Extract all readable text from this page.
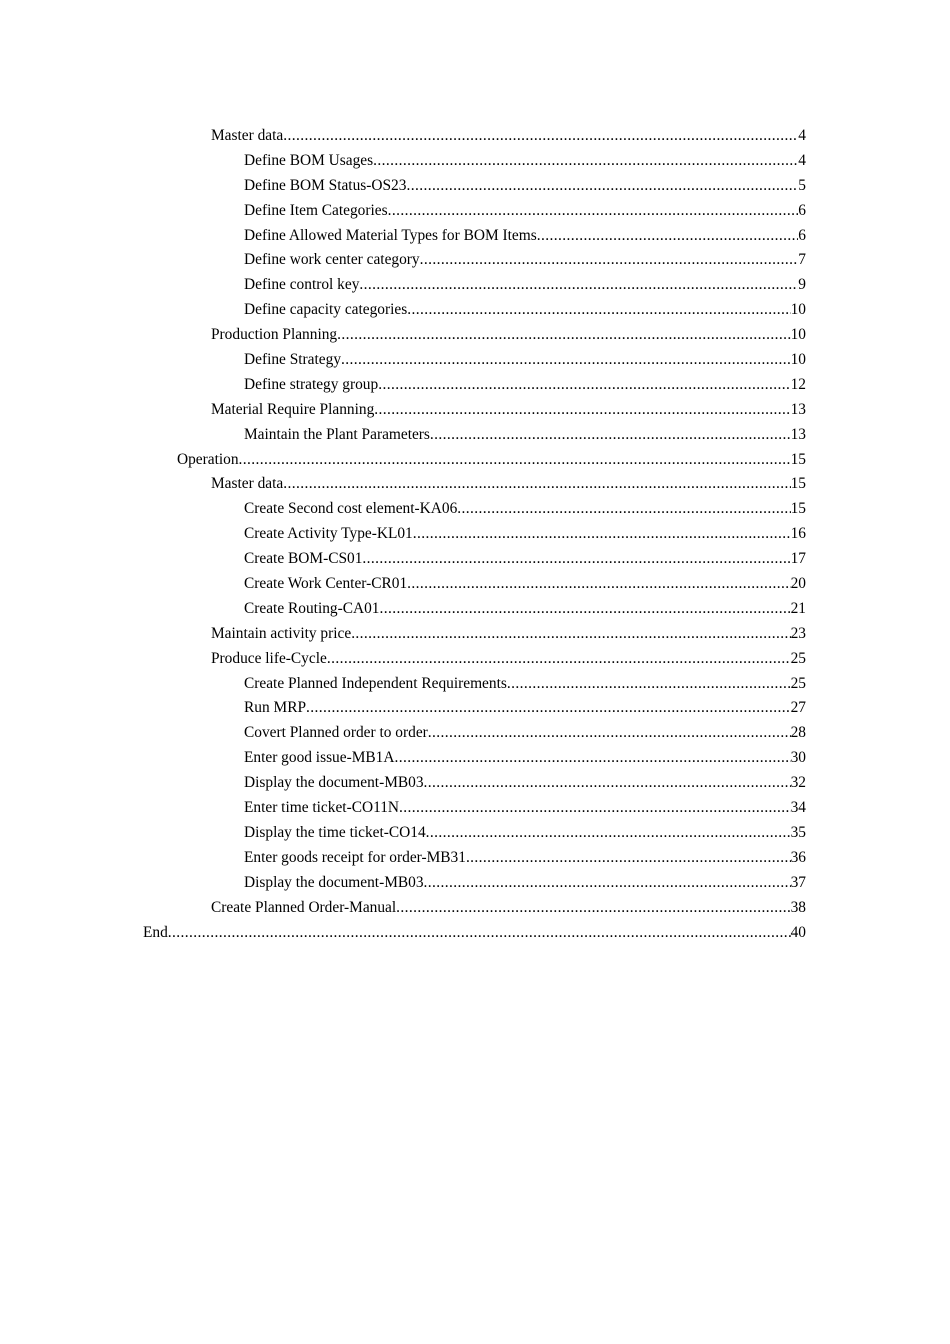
Master data .....	4
Define BOM Usages .....	4
Define BOM Status-OS23 .....	5
Define Item Categories .....	6
Define Allowed Material Types for BOM Items .....	6
Define work center category .....	7
Define control key .....	9
Define capacity categories .....	10
Production Planning .....	10
Define Strategy .....	10
Define strategy group .....	12
Material Require Planning .....	13
Maintain the Plant Parameters .....	13
Operation .....	15
Master data .....	15
Create Second cost element-KA06 .....	15
Create Activity Type-KL01 .....	16
Create BOM-CS01 .....	17
Create Work Center-CR01 .....	20
Create Routing-CA01 .....	21
Maintain activity price .....	23
Produce life-Cycle .....	25
Create Planned Independent Requirements .....	25
Run MRP .....	27
Covert Planned order to order .....	28
Enter good issue-MB1A .....	30
Display the document-MB03 .....	32
Enter time ticket-CO11N .....	34
Display the time ticket-CO14 .....	35
Enter goods receipt for order-MB31 .....	36
Display the document-MB03 .....	37
Create Planned Order-Manual .....	38
End .....	40
